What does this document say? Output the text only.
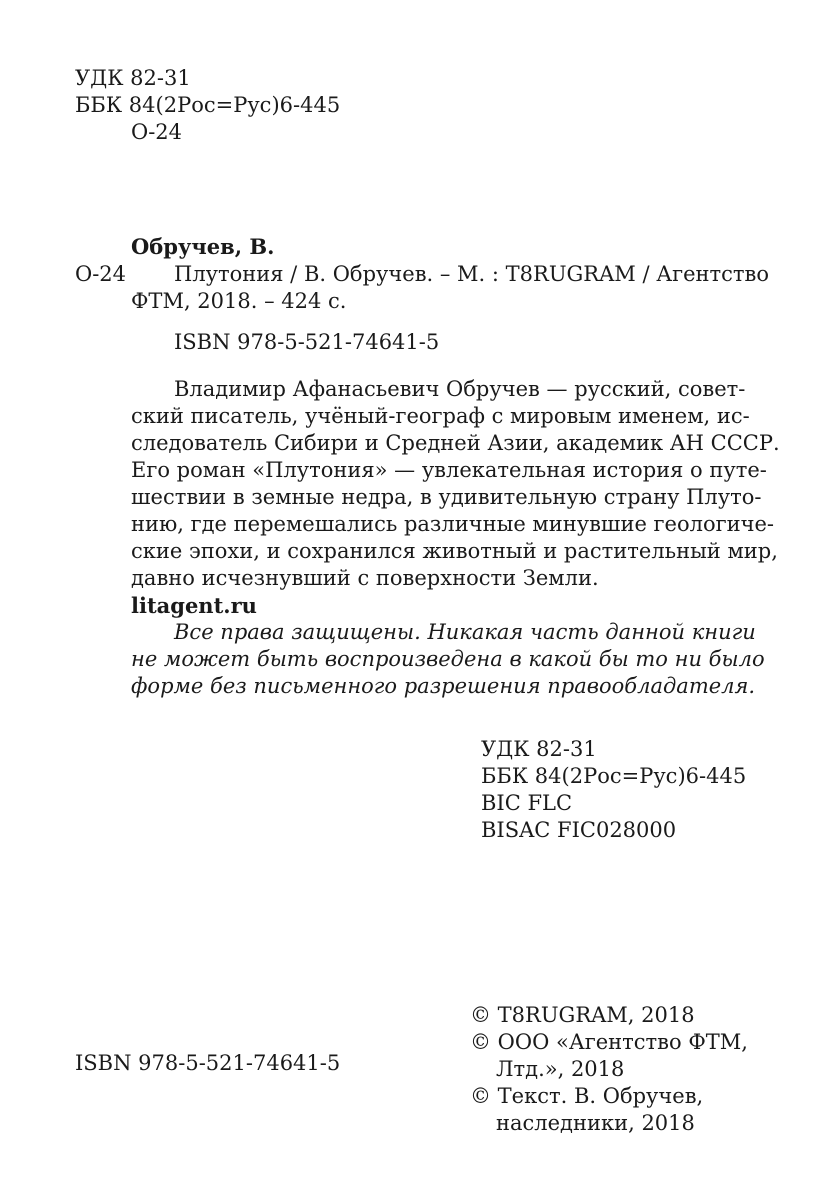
УДК 82-31
ББК 84(2Рос=Рус)6-445
О-24
Обручев, В.
О-24 Плутония / В. Обручев. – М. : T8RUGRAM / Агентство
ФТМ, 2018. – 424 с.
ISBN 978-5-521-74641-5
Владимир Афанасьевич Обручев — русский, совет-
ский писатель, учёный-географ с мировым именем, ис-
следователь Сибири и Средней Азии, академик АН СССР.
Его роман «Плутония» — увлекательная история о путе-
шествии в земные недра, в удивительную страну Плуто-
нию, где перемешались различные минувшие геологиче-
ские эпохи, и сохранился животный и растительный мир,
давно исчезнувший с поверхности Земли.
litagent.ru
Все права защищены. Никакая часть данной книги
не может быть воспроизведена в какой бы то ни было
форме без письменного разрешения правообладателя.
УДК 82-31
ББК 84(2Рос=Рус)6-445
BIC FLC
BISAC FIC028000
ISBN 978-5-521-74641-5
© T8RUGRAM, 2018
© ООО «Агентство ФТМ,
Лтд.», 2018
© Текст. В. Обручев,
наследники, 2018
